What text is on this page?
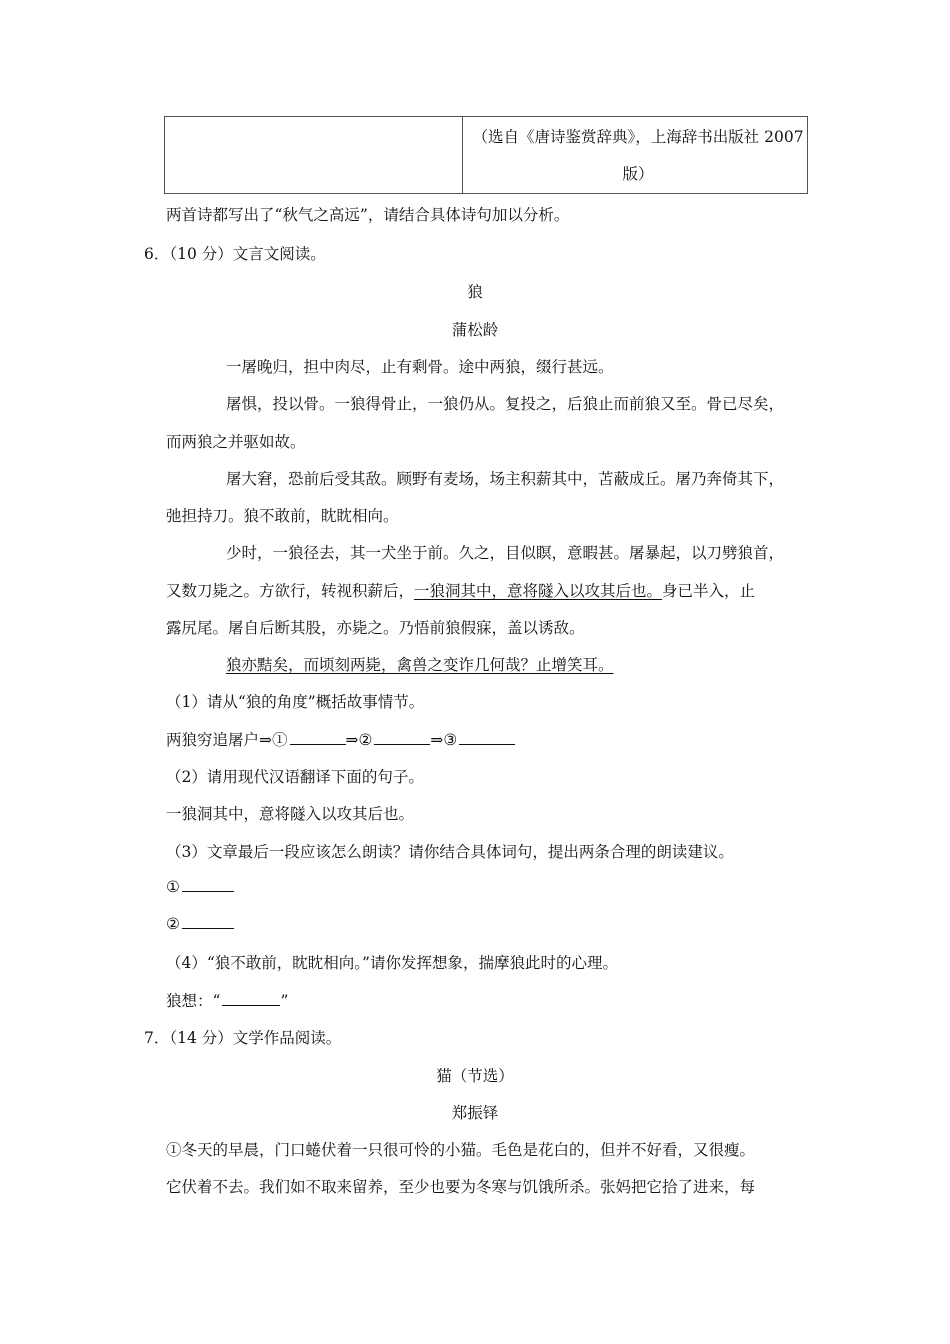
（选自《唐诗鉴赏辞典》，上海辞书出版社 2007
版）
两首诗都写出了“秋气之高远”，请结合具体诗句加以分析。
6．（10 分）文言文阅读。
狼
蒲松龄
一屠晚归，担中肉尽，止有剩骨。途中两狼，缀行甚远。
屠惧，投以骨。一狼得骨止，一狼仍从。复投之，后狼止而前狼又至。骨已尽矣，
而两狼之并驱如故。
屠大窘，恐前后受其敌。顾野有麦场，场主积薪其中，苫蔽成丘。屠乃奔倚其下，
弛担持刀。狼不敢前，眈眈相向。
少时，一狼径去，其一犬坐于前。久之，目似瞑，意暇甚。屠暴起，以刀劈狼首，
又数刀毙之。方欲行，转视积薪后，一狼洞其中，意将隧入以攻其后也。身已半入，止
露尻尾。屠自后断其股，亦毙之。乃悟前狼假寐，盖以诱敌。
狼亦黠矣，而顷刻两毙，禽兽之变诈几何哉？止增笑耳。
（1）请从“狼的角度”概括故事情节。
两狼穷追屠户⇒①	⇒②	⇒③
（2）请用现代汉语翻译下面的句子。
一狼洞其中，意将隧入以攻其后也。
（3）文章最后一段应该怎么朗读？请你结合具体词句，提出两条合理的朗读建议。
①
②
（4）“狼不敢前，眈眈相向。”请你发挥想象，揣摩狼此时的心理。
狼想：“	”
7．（14 分）文学作品阅读。
猫（节选）
郑振铎
①冬天的早晨，门口蜷伏着一只很可怜的小猫。毛色是花白的，但并不好看，又很瘦。
它伏着不去。我们如不取来留养，至少也要为冬寒与饥饿所杀。张妈把它拾了进来，每
